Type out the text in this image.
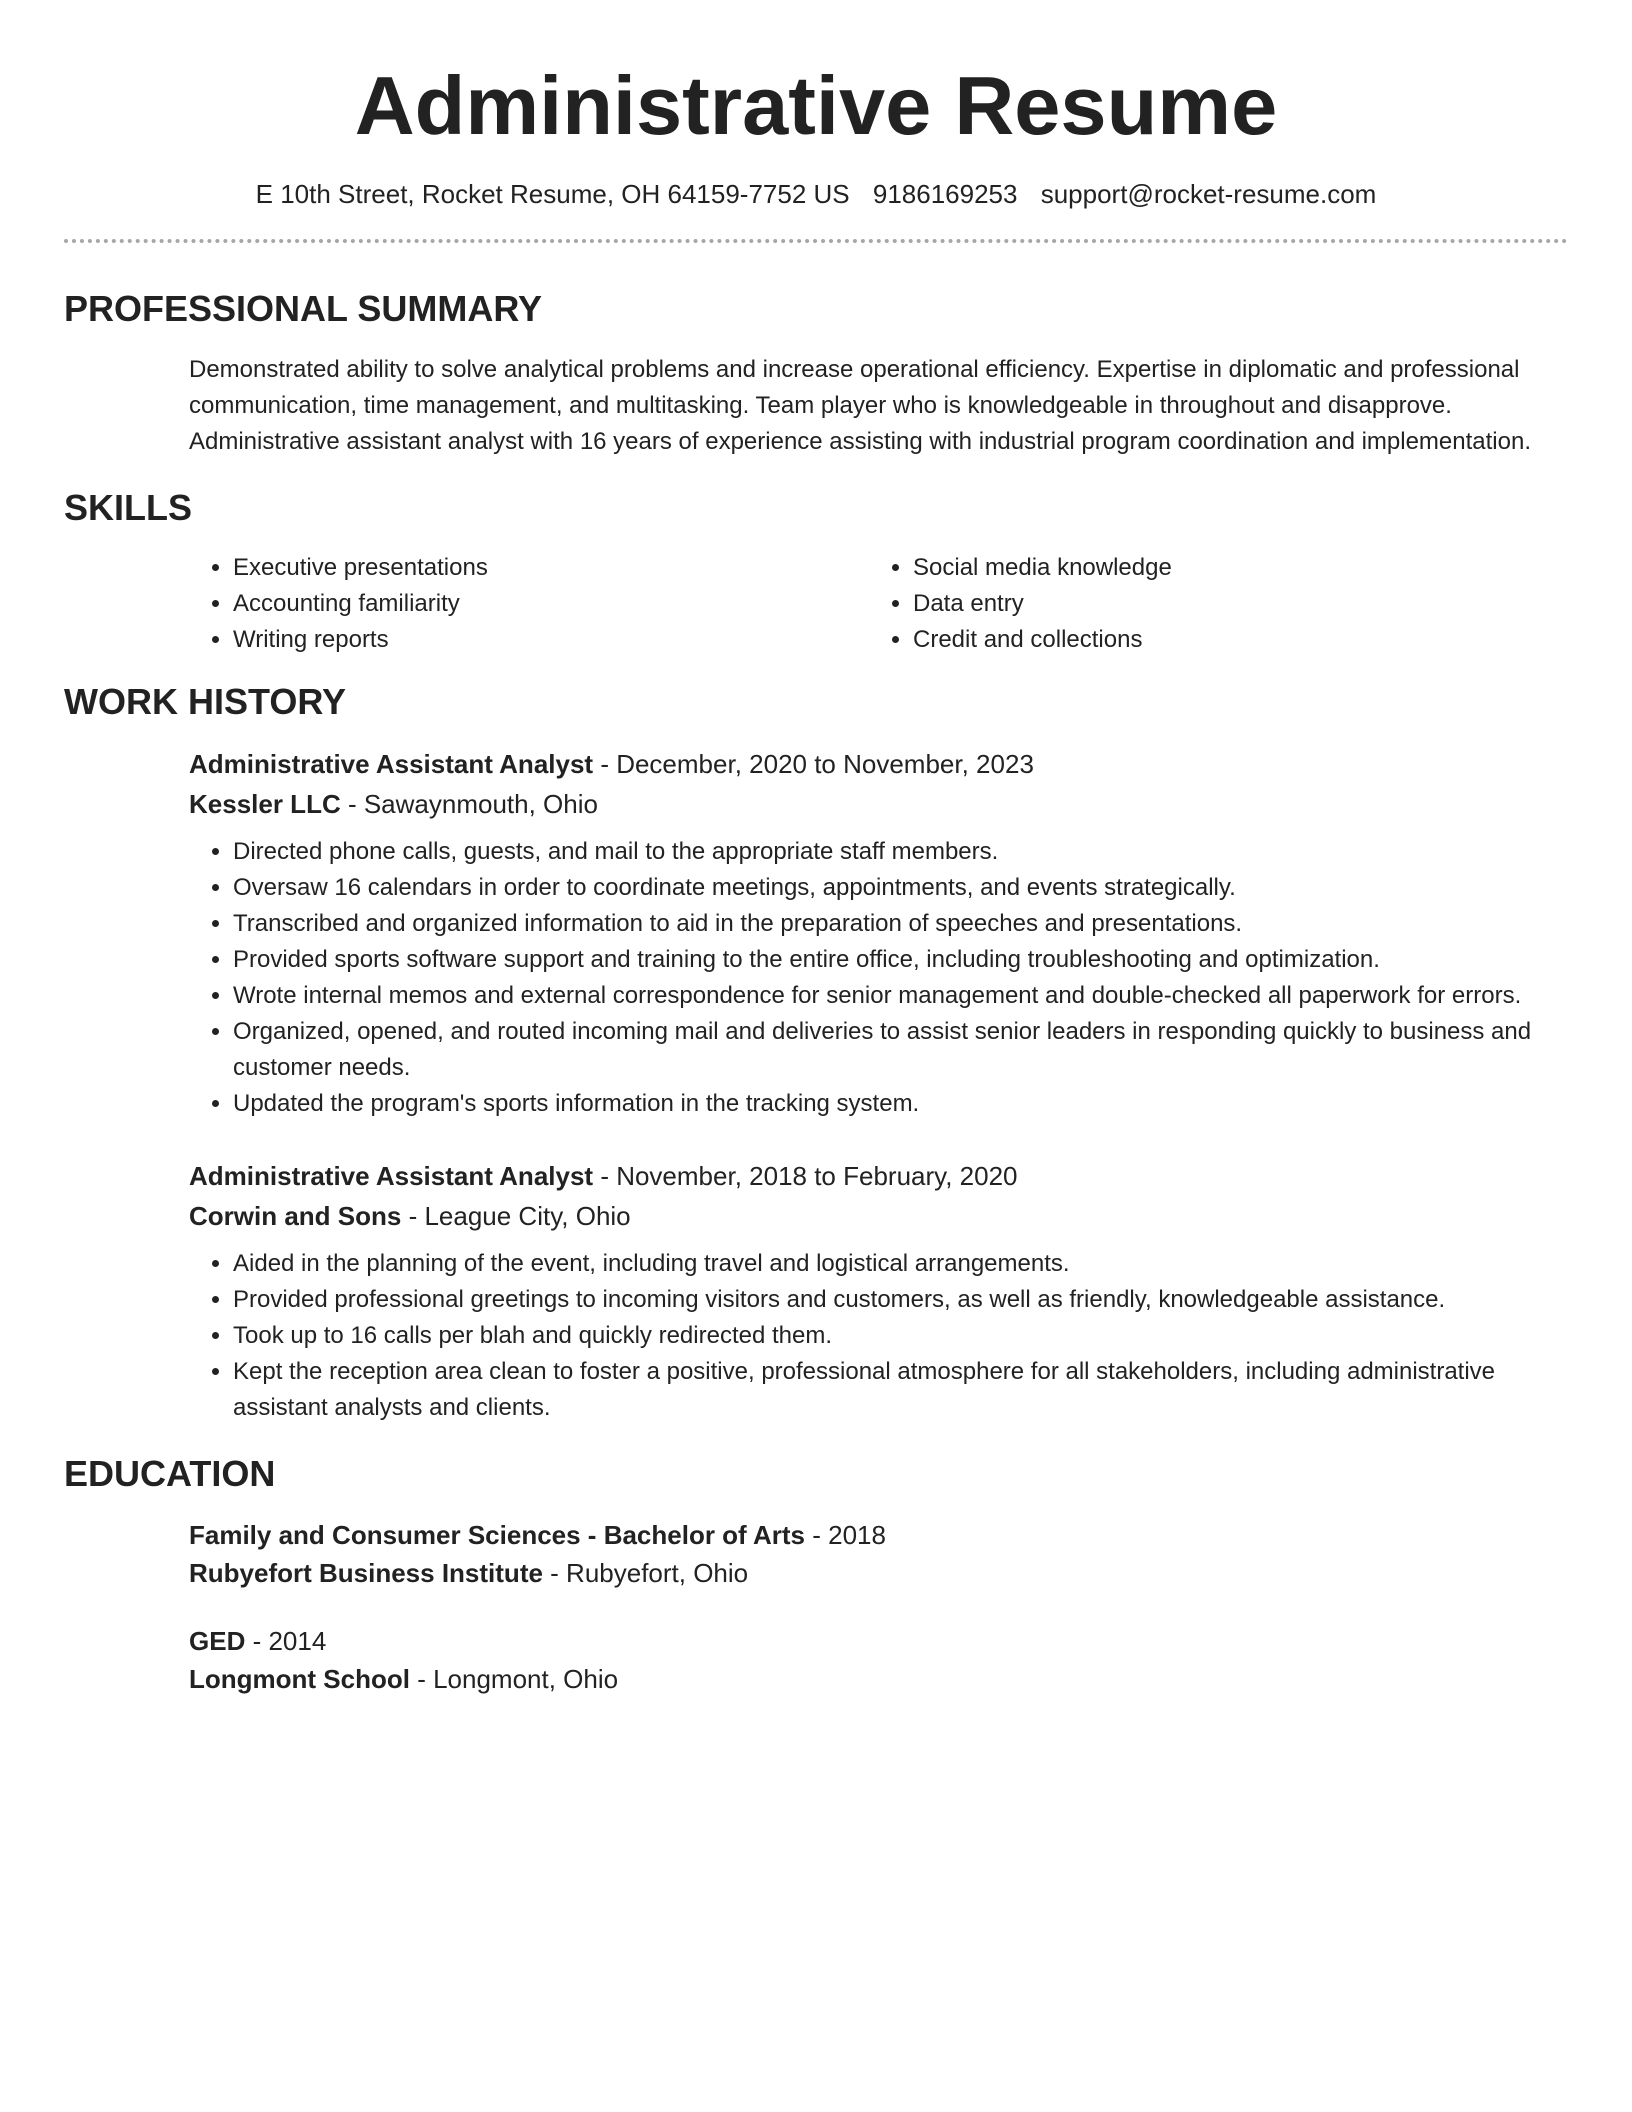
Administrative Resume
E 10th Street, Rocket Resume, OH 64159-7752 US 9186169253 support@rocket-resume.com
PROFESSIONAL SUMMARY
Demonstrated ability to solve analytical problems and increase operational efficiency. Expertise in diplomatic and professional communication, time management, and multitasking. Team player who is knowledgeable in throughout and disapprove. Administrative assistant analyst with 16 years of experience assisting with industrial program coordination and implementation.
SKILLS
• Executive presentations
• Accounting familiarity
• Writing reports
• Social media knowledge
• Data entry
• Credit and collections
WORK HISTORY
Administrative Assistant Analyst - December, 2020 to November, 2023
Kessler LLC - Sawaynmouth, Ohio
• Directed phone calls, guests, and mail to the appropriate staff members.
• Oversaw 16 calendars in order to coordinate meetings, appointments, and events strategically.
• Transcribed and organized information to aid in the preparation of speeches and presentations.
• Provided sports software support and training to the entire office, including troubleshooting and optimization.
• Wrote internal memos and external correspondence for senior management and double-checked all paperwork for errors.
• Organized, opened, and routed incoming mail and deliveries to assist senior leaders in responding quickly to business and customer needs.
• Updated the program's sports information in the tracking system.
Administrative Assistant Analyst - November, 2018 to February, 2020
Corwin and Sons - League City, Ohio
• Aided in the planning of the event, including travel and logistical arrangements.
• Provided professional greetings to incoming visitors and customers, as well as friendly, knowledgeable assistance.
• Took up to 16 calls per blah and quickly redirected them.
• Kept the reception area clean to foster a positive, professional atmosphere for all stakeholders, including administrative assistant analysts and clients.
EDUCATION
Family and Consumer Sciences - Bachelor of Arts - 2018
Rubyefort Business Institute - Rubyefort, Ohio
GED - 2014
Longmont School - Longmont, Ohio
